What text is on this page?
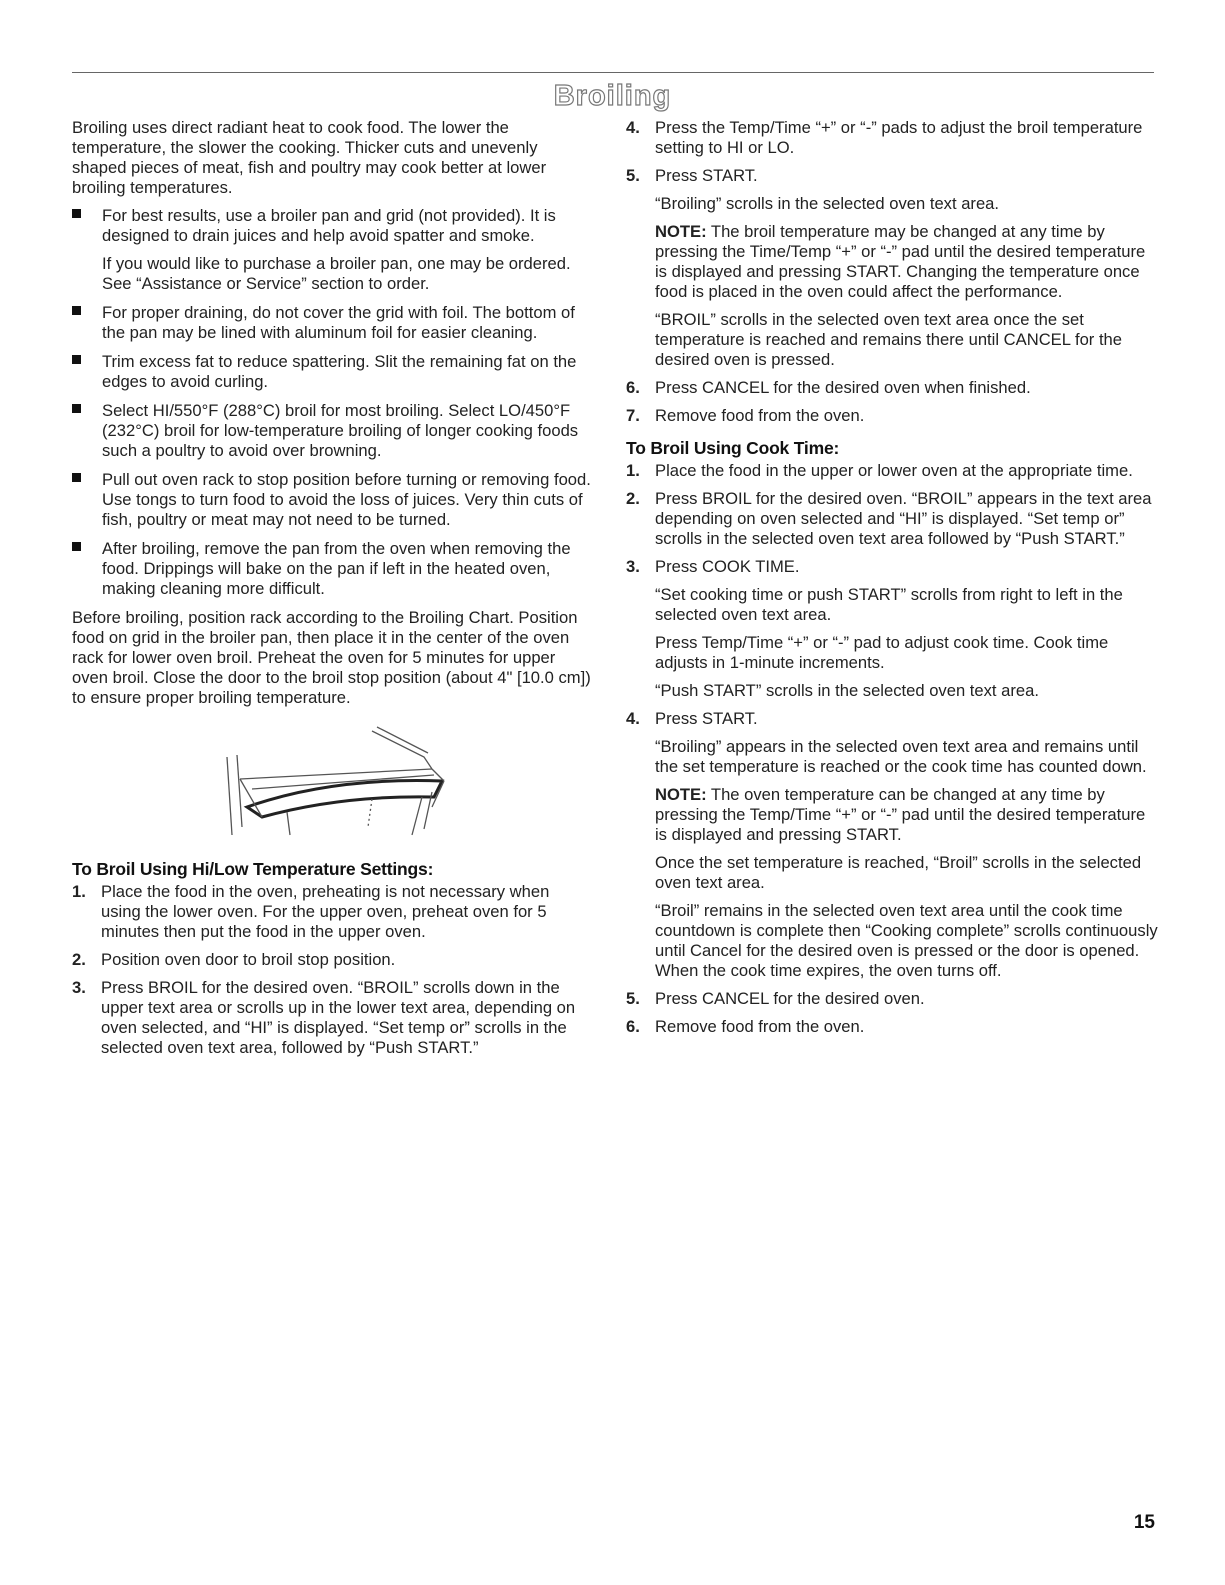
Broiling

Broiling uses direct radiant heat to cook food. The lower the temperature, the slower the cooking. Thicker cuts and unevenly shaped pieces of meat, fish and poultry may cook better at lower broiling temperatures.

For best results, use a broiler pan and grid (not provided). It is designed to drain juices and help avoid spatter and smoke.

If you would like to purchase a broiler pan, one may be ordered. See “Assistance or Service” section to order.

For proper draining, do not cover the grid with foil. The bottom of the pan may be lined with aluminum foil for easier cleaning.
Trim excess fat to reduce spattering. Slit the remaining fat on the edges to avoid curling.
Select HI/550°F (288°C) broil for most broiling. Select LO/450°F (232°C) broil for low-temperature broiling of longer cooking foods such a poultry to avoid over browning.
Pull out oven rack to stop position before turning or removing food. Use tongs to turn food to avoid the loss of juices. Very thin cuts of fish, poultry or meat may not need to be turned.
After broiling, remove the pan from the oven when removing the food. Drippings will bake on the pan if left in the heated oven, making cleaning more difficult.

Before broiling, position rack according to the Broiling Chart. Position food on grid in the broiler pan, then place it in the center of the oven rack for lower oven broil. Preheat the oven for 5 minutes for upper oven broil. Close the door to the broil stop position (about 4" [10.0 cm]) to ensure proper broiling temperature.

To Broil Using Hi/Low Temperature Settings:
1. Place the food in the oven, preheating is not necessary when using the lower oven. For the upper oven, preheat oven for 5 minutes then put the food in the upper oven.
2. Position oven door to broil stop position.
3. Press BROIL for the desired oven. “BROIL” scrolls down in the upper text area or scrolls up in the lower text area, depending on oven selected, and “HI” is displayed. “Set temp or” scrolls in the selected oven text area, followed by “Push START.”
4. Press the Temp/Time “+” or “-” pads to adjust the broil temperature setting to HI or LO.
5. Press START.

“Broiling” scrolls in the selected oven text area.

NOTE: The broil temperature may be changed at any time by pressing the Time/Temp “+” or “-” pad until the desired temperature is displayed and pressing START. Changing the temperature once food is placed in the oven could affect the performance.

“BROIL” scrolls in the selected oven text area once the set temperature is reached and remains there until CANCEL for the desired oven is pressed.

6. Press CANCEL for the desired oven when finished.
7. Remove food from the oven.
To Broil Using Cook Time:
1. Place the food in the upper or lower oven at the appropriate time.
2. Press BROIL for the desired oven. “BROIL” appears in the text area depending on oven selected and “HI” is displayed. “Set temp or” scrolls in the selected oven text area followed by “Push START.”
3. Press COOK TIME.

“Set cooking time or push START” scrolls from right to left in the selected oven text area.

Press Temp/Time “+” or “-” pad to adjust cook time. Cook time adjusts in 1-minute increments.

“Push START” scrolls in the selected oven text area.

4. Press START.

“Broiling” appears in the selected oven text area and remains until the set temperature is reached or the cook time has counted down.

NOTE: The oven temperature can be changed at any time by pressing the Temp/Time “+” or “-” pad until the desired temperature is displayed and pressing START.

Once the set temperature is reached, “Broil” scrolls in the selected oven text area.

“Broil” remains in the selected oven text area until the cook time countdown is complete then “Cooking complete” scrolls continuously until Cancel for the desired oven is pressed or the door is opened. When the cook time expires, the oven turns off.

5. Press CANCEL for the desired oven.
6. Remove food from the oven.
15
